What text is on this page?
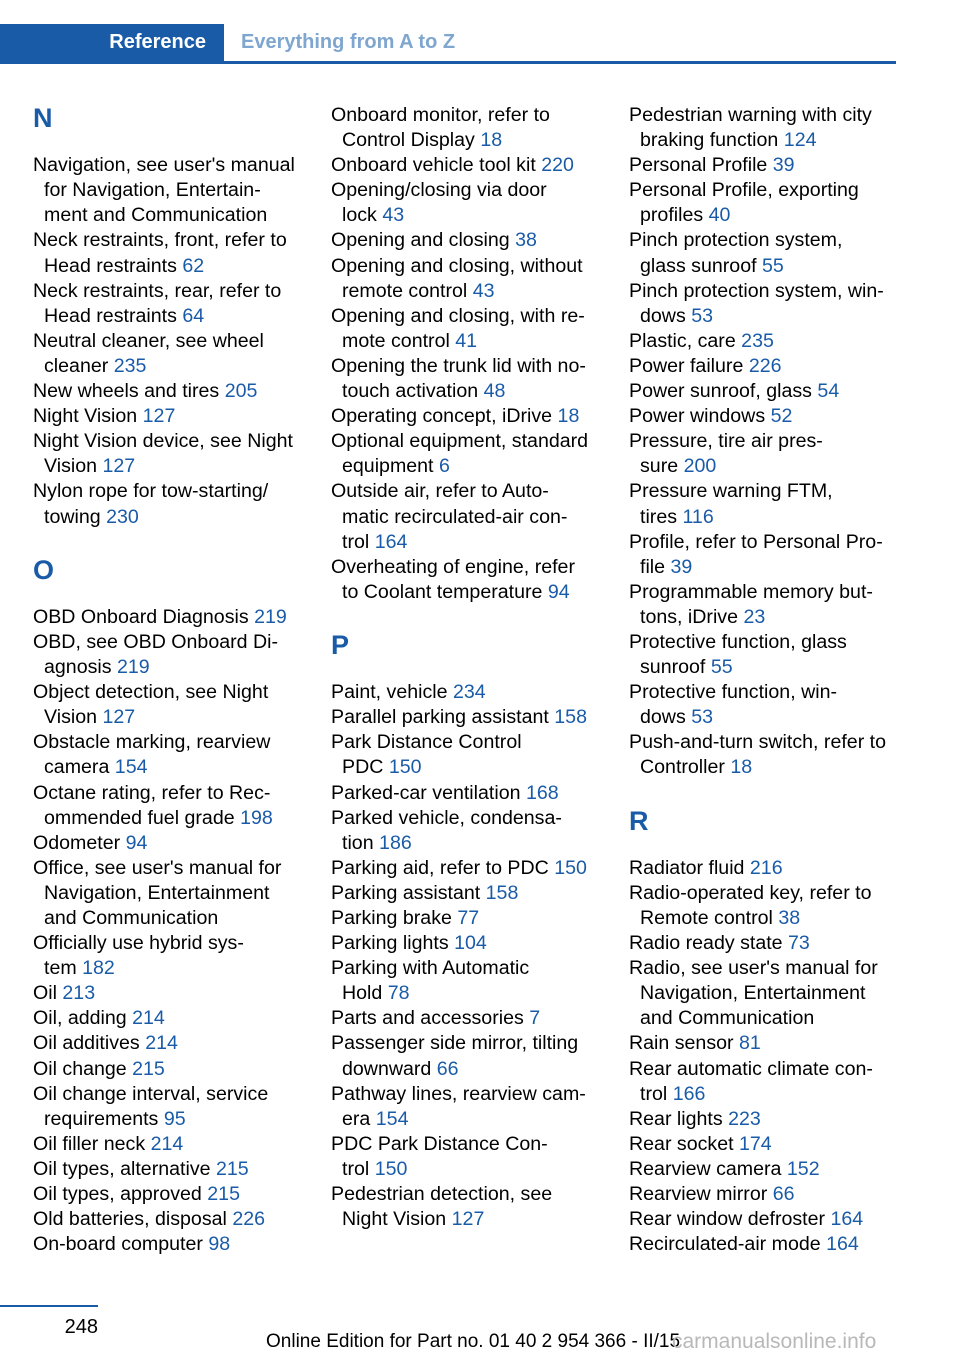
Reference Everything from A to Z
N
Navigation, see user's manual
for Navigation, Entertain‐
ment and Communication
Neck restraints, front, refer to
Head restraints 62
Neck restraints, rear, refer to
Head restraints 64
Neutral cleaner, see wheel
cleaner 235
New wheels and tires 205
Night Vision 127
Night Vision device, see Night
Vision 127
Nylon rope for tow-starting/
towing 230
O
OBD Onboard Diagnosis 219
OBD, see OBD Onboard Di‐
agnosis 219
Object detection, see Night
Vision 127
Obstacle marking, rearview
camera 154
Octane rating, refer to Rec‐
ommended fuel grade 198
Odometer 94
Office, see user's manual for
Navigation, Entertainment
and Communication
Officially use hybrid sys‐
tem 182
Oil 213
Oil, adding 214
Oil additives 214
Oil change 215
Oil change interval, service
requirements 95
Oil filler neck 214
Oil types, alternative 215
Oil types, approved 215
Old batteries, disposal 226
On-board computer 98
Onboard monitor, refer to
Control Display 18
Onboard vehicle tool kit 220
Opening/closing via door
lock 43
Opening and closing 38
Opening and closing, without
remote control 43
Opening and closing, with re‐
mote control 41
Opening the trunk lid with no-
touch activation 48
Operating concept, iDrive 18
Optional equipment, standard
equipment 6
Outside air, refer to Auto‐
matic recirculated-air con‐
trol 164
Overheating of engine, refer
to Coolant temperature 94
P
Paint, vehicle 234
Parallel parking assistant 158
Park Distance Control
PDC 150
Parked-car ventilation 168
Parked vehicle, condensa‐
tion 186
Parking aid, refer to PDC 150
Parking assistant 158
Parking brake 77
Parking lights 104
Parking with Automatic
Hold 78
Parts and accessories 7
Passenger side mirror, tilting
downward 66
Pathway lines, rearview cam‐
era 154
PDC Park Distance Con‐
trol 150
Pedestrian detection, see
Night Vision 127
Pedestrian warning with city
braking function 124
Personal Profile 39
Personal Profile, exporting
profiles 40
Pinch protection system,
glass sunroof 55
Pinch protection system, win‐
dows 53
Plastic, care 235
Power failure 226
Power sunroof, glass 54
Power windows 52
Pressure, tire air pres‐
sure 200
Pressure warning FTM,
tires 116
Profile, refer to Personal Pro‐
file 39
Programmable memory but‐
tons, iDrive 23
Protective function, glass
sunroof 55
Protective function, win‐
dows 53
Push-and-turn switch, refer to
Controller 18
R
Radiator fluid 216
Radio-operated key, refer to
Remote control 38
Radio ready state 73
Radio, see user's manual for
Navigation, Entertainment
and Communication
Rain sensor 81
Rear automatic climate con‐
trol 166
Rear lights 223
Rear socket 174
Rearview camera 152
Rearview mirror 66
Rear window defroster 164
Recirculated-air mode 164
248
Online Edition for Part no. 01 40 2 954 366 - II/15
carmanualsonline.info
